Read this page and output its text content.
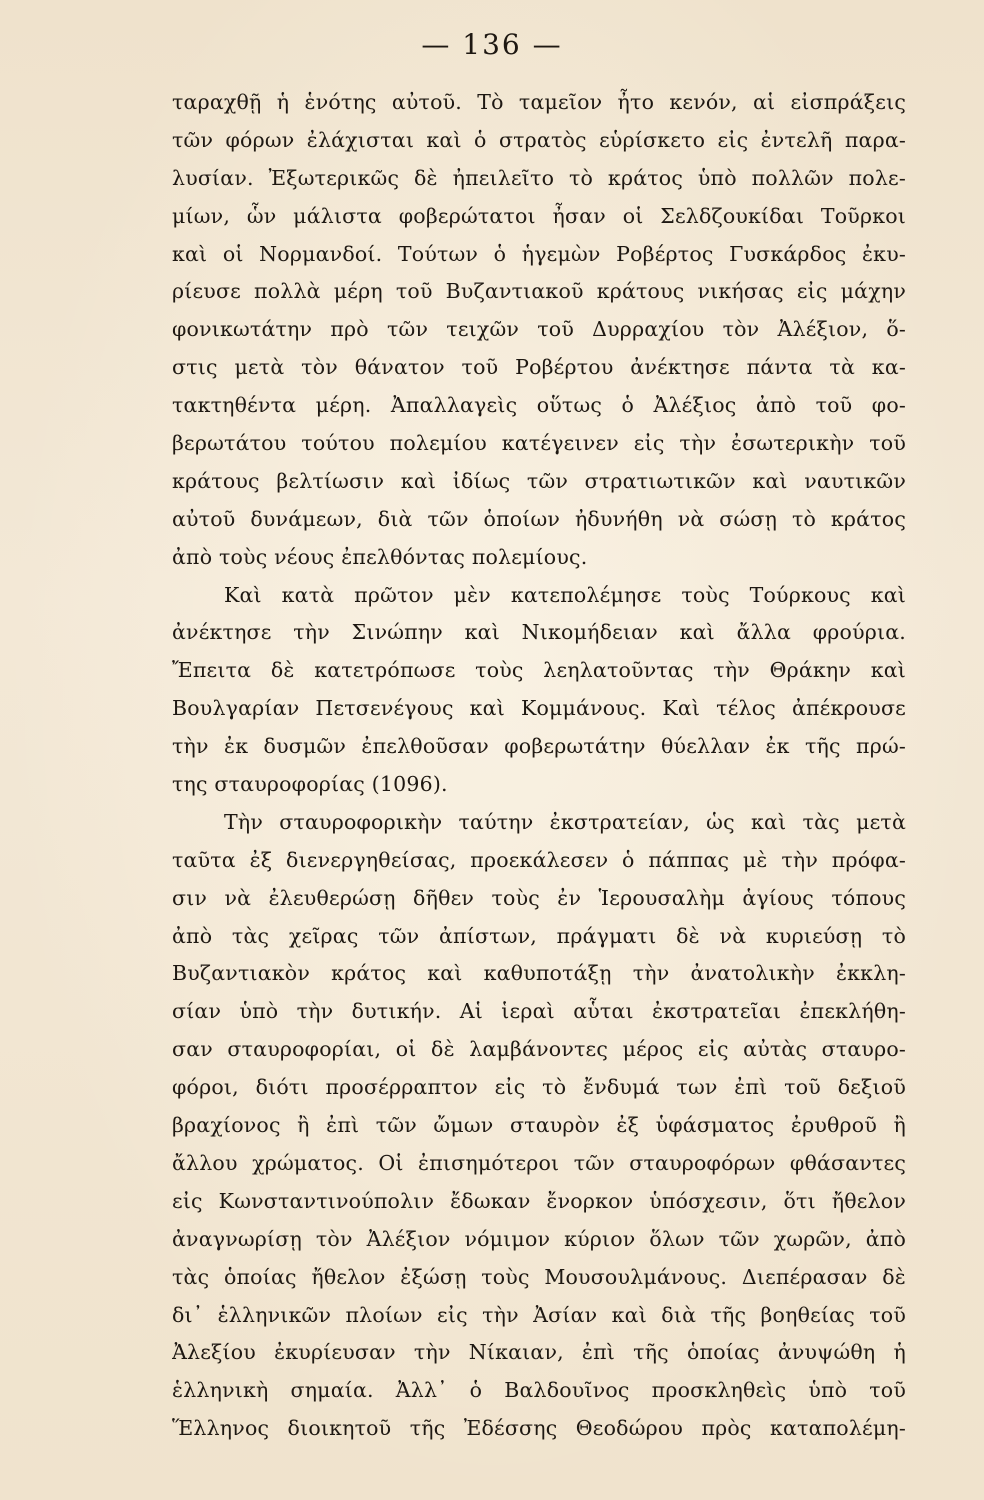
— 136 —
ταραχθῇ ἡ ἑνότης αὐτοῦ. Τὸ ταμεῖον ἦτο κενόν, αἱ εἰσπράξεις
τῶν φόρων ἐλάχισται καὶ ὁ στρατὸς εὑρίσκετο εἰς ἐντελῆ παρα-
λυσίαν. Ἐξωτερικῶς δὲ ἠπειλεῖτο τὸ κράτος ὑπὸ πολλῶν πολε-
μίων, ὧν μάλιστα φοβερώτατοι ἦσαν οἱ Σελδζουκίδαι Τοῦρκοι
καὶ οἱ Νορμανδοί. Τούτων ὁ ἡγεμὼν Ροβέρτος Γυσκάρδος ἐκυ-
ρίευσε πολλὰ μέρη τοῦ Βυζαντιακοῦ κράτους νικήσας εἰς μάχην
φονικωτάτην πρὸ τῶν τειχῶν τοῦ Δυρραχίου τὸν Ἀλέξιον, ὅ-
στις μετὰ τὸν θάνατον τοῦ Ροβέρτου ἀνέκτησε πάντα τὰ κα-
τακτηθέντα μέρη. Ἀπαλλαγεὶς οὕτως ὁ Ἀλέξιος ἀπὸ τοῦ φο-
βερωτάτου τούτου πολεμίου κατέγεινεν εἰς τὴν ἐσωτερικὴν τοῦ
κράτους βελτίωσιν καὶ ἰδίως τῶν στρατιωτικῶν καὶ ναυτικῶν
αὐτοῦ δυνάμεων, διὰ τῶν ὁποίων ἠδυνήθη νὰ σώσῃ τὸ κράτος
ἀπὸ τοὺς νέους ἐπελθόντας πολεμίους.
Καὶ κατὰ πρῶτον μὲν κατεπολέμησε τοὺς Τούρκους καὶ
ἀνέκτησε τὴν Σινώπην καὶ Νικομήδειαν καὶ ἄλλα φρούρια.
Ἔπειτα δὲ κατετρόπωσε τοὺς λεηλατοῦντας τὴν Θράκην καὶ
Βουλγαρίαν Πετσενέγους καὶ Κομμάνους. Καὶ τέλος ἀπέκρουσε
τὴν ἐκ δυσμῶν ἐπελθοῦσαν φοβερωτάτην θύελλαν ἐκ τῆς πρώ-
της σταυροφορίας (1096).
Τὴν σταυροφορικὴν ταύτην ἐκστρατείαν, ὡς καὶ τὰς μετὰ
ταῦτα ἐξ διενεργηθείσας, προεκάλεσεν ὁ πάππας μὲ τὴν πρόφα-
σιν νὰ ἐλευθερώσῃ δῆθεν τοὺς ἐν Ἱερουσαλὴμ ἁγίους τόπους
ἀπὸ τὰς χεῖρας τῶν ἀπίστων, πράγματι δὲ νὰ κυριεύσῃ τὸ
Βυζαντιακὸν κράτος καὶ καθυποτάξῃ τὴν ἀνατολικὴν ἐκκλη-
σίαν ὑπὸ τὴν δυτικήν. Αἱ ἱεραὶ αὗται ἐκστρατεῖαι ἐπεκλήθη-
σαν σταυροφορίαι, οἱ δὲ λαμβάνοντες μέρος εἰς αὐτὰς σταυρο-
φόροι, διότι προσέρραπτον εἰς τὸ ἔνδυμά των ἐπὶ τοῦ δεξιοῦ
βραχίονος ἢ ἐπὶ τῶν ὤμων σταυρὸν ἐξ ὑφάσματος ἐρυθροῦ ἢ
ἄλλου χρώματος. Οἱ ἐπισημότεροι τῶν σταυροφόρων φθάσαντες
εἰς Κωνσταντινούπολιν ἔδωκαν ἔνορκον ὑπόσχεσιν, ὅτι ἤθελον
ἀναγνωρίσῃ τὸν Ἀλέξιον νόμιμον κύριον ὅλων τῶν χωρῶν, ἀπὸ
τὰς ὁποίας ἤθελον ἐξώσῃ τοὺς Μουσουλμάνους. Διεπέρασαν δὲ
δι᾽ ἑλληνικῶν πλοίων εἰς τὴν Ἀσίαν καὶ διὰ τῆς βοηθείας τοῦ
Ἀλεξίου ἐκυρίευσαν τὴν Νίκαιαν, ἐπὶ τῆς ὁποίας ἀνυψώθη ἡ
ἑλληνικὴ σημαία. Ἀλλ᾽ ὁ Βαλδουῖνος προσκληθεὶς ὑπὸ τοῦ
Ἕλληνος διοικητοῦ τῆς Ἐδέσσης Θεοδώρου πρὸς καταπολέμη-
